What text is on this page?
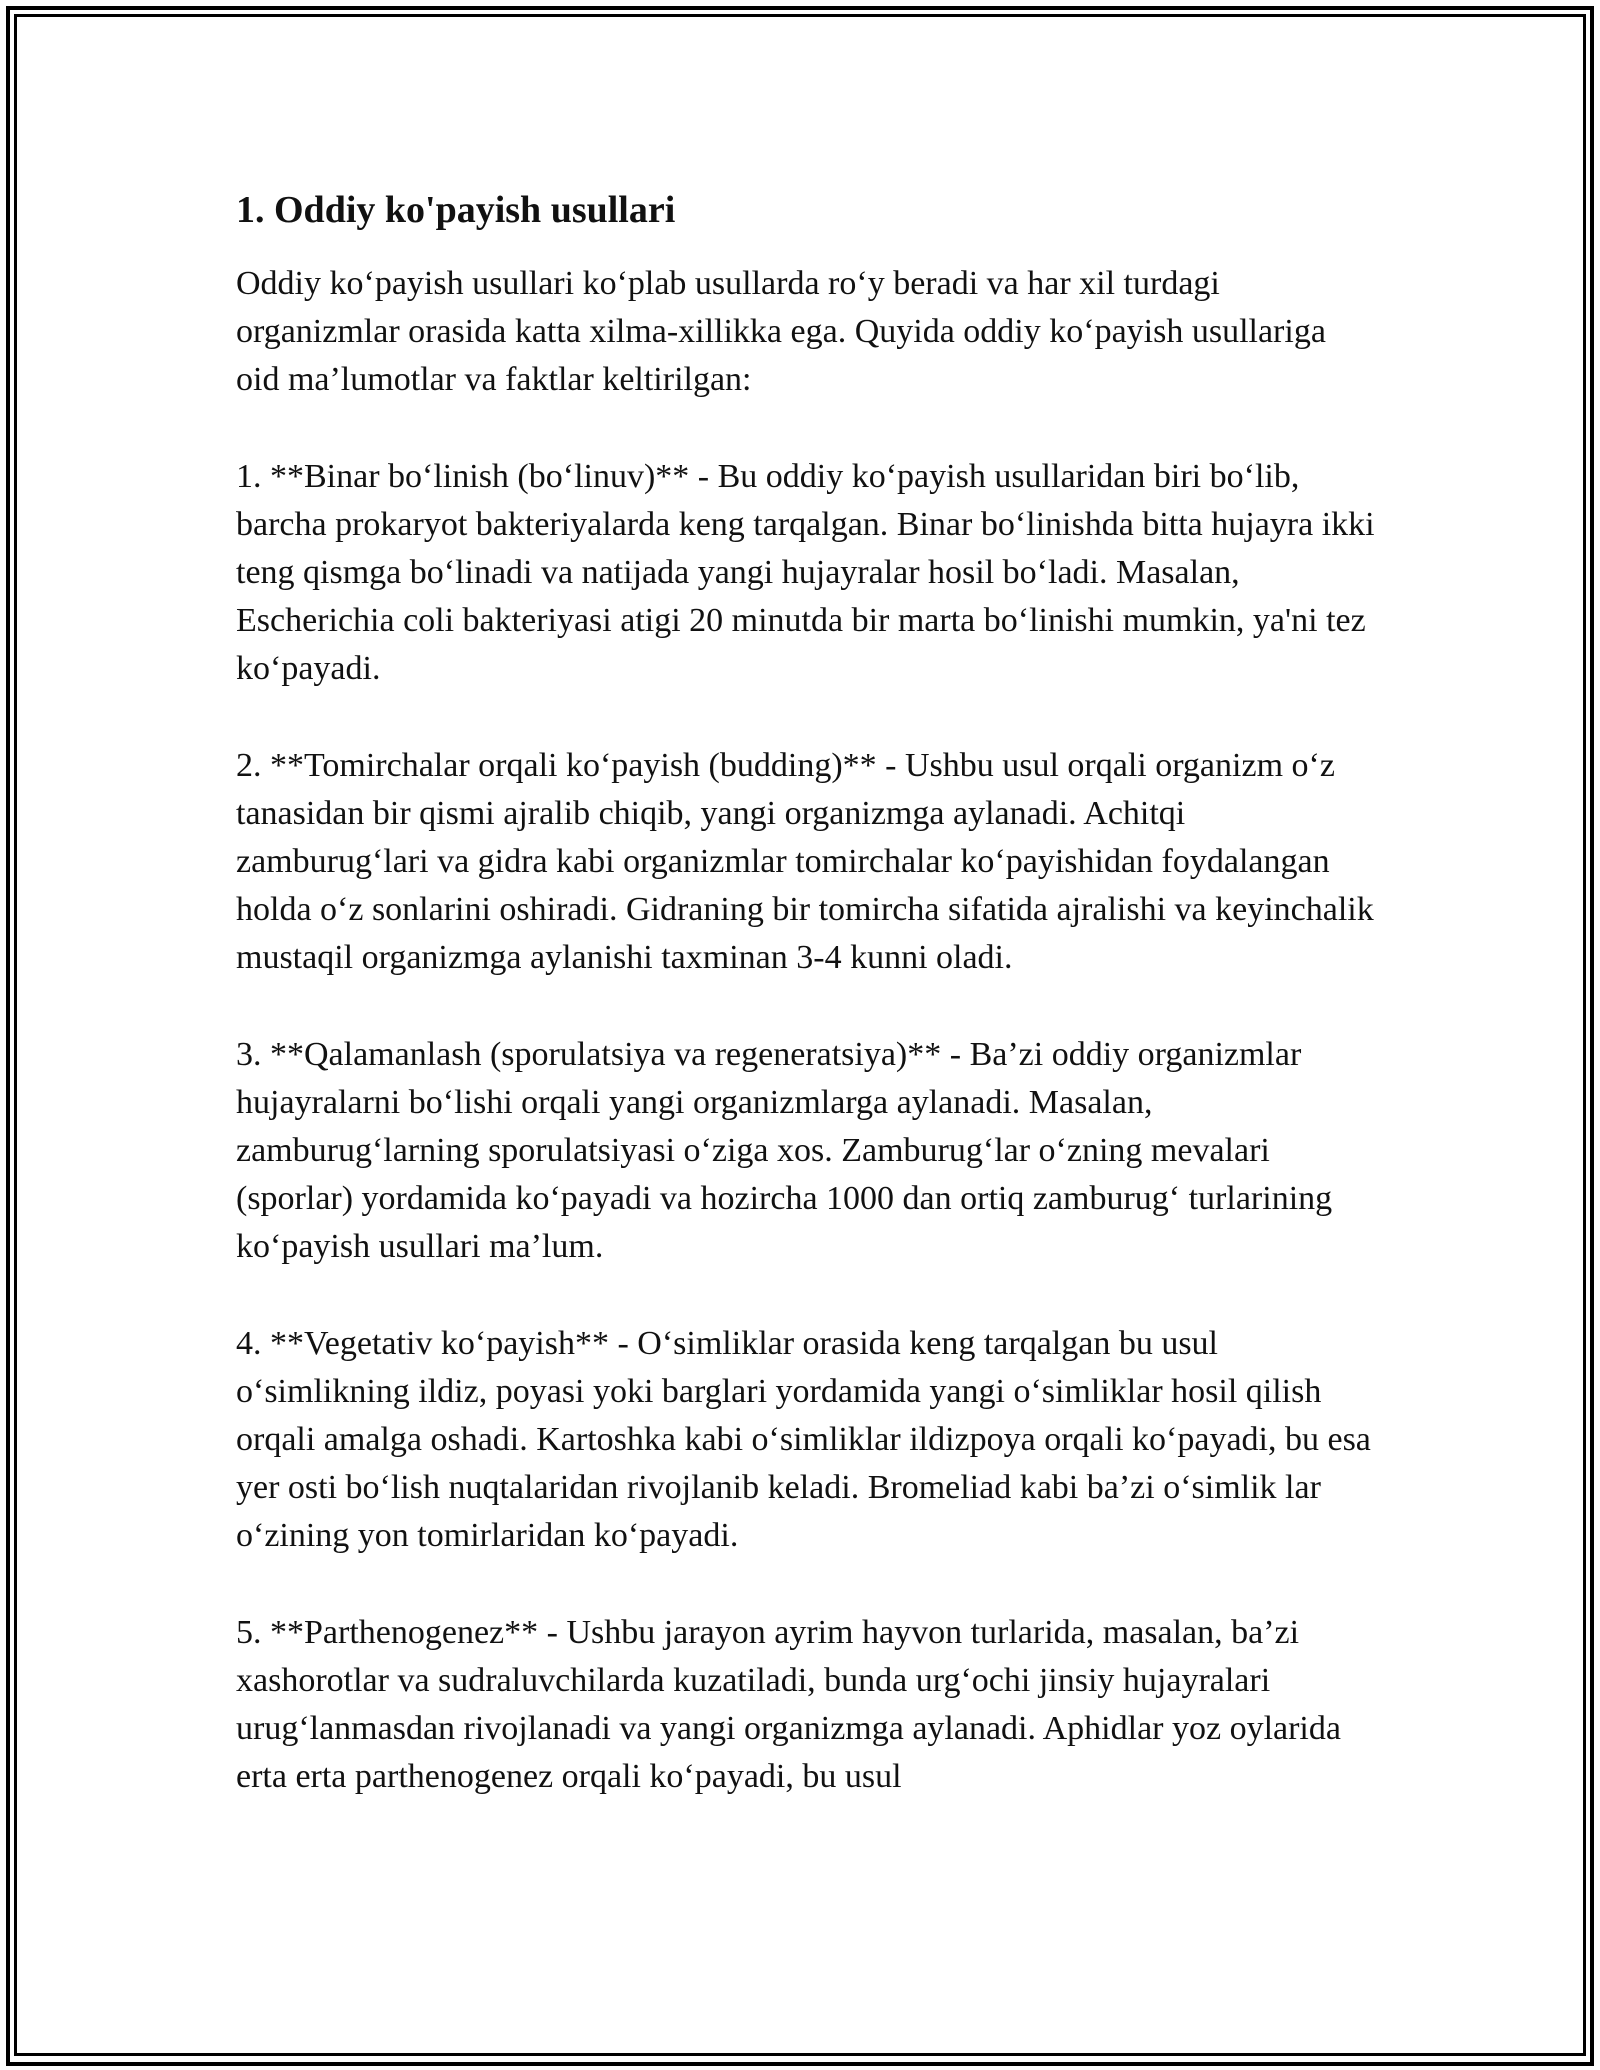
1. Oddiy ko'payish usullari

Oddiy ko‘payish usullari ko‘plab usullarda ro‘y beradi va har xil turdagi organizmlar orasida katta xilma-xillikka ega. Quyida oddiy ko‘payish usullariga oid ma’lumotlar va faktlar keltirilgan:

1. **Binar bo‘linish (bo‘linuv)** - Bu oddiy ko‘payish usullaridan biri bo‘lib, barcha prokaryot bakteriyalarda keng tarqalgan. Binar bo‘linishda bitta hujayra ikki teng qismga bo‘linadi va natijada yangi hujayralar hosil bo‘ladi. Masalan, Escherichia coli bakteriyasi atigi 20 minutda bir marta bo‘linishi mumkin, ya'ni tez ko‘payadi.

2. **Tomirchalar orqali ko‘payish (budding)** - Ushbu usul orqali organizm o‘z tanasidan bir qismi ajralib chiqib, yangi organizmga aylanadi. Achitqi zamburug‘lari va gidra kabi organizmlar tomirchalar ko‘payishidan foydalangan holda o‘z sonlarini oshiradi. Gidraning bir tomircha sifatida ajralishi va keyinchalik mustaqil organizmga aylanishi taxminan 3-4 kunni oladi.

3. **Qalamanlash (sporulatsiya va regeneratsiya)** - Ba’zi oddiy organizmlar hujayralarni bo‘lishi orqali yangi organizmlarga aylanadi. Masalan, zamburug‘larning sporulatsiyasi o‘ziga xos. Zamburug‘lar o‘zning mevalari (sporlar) yordamida ko‘payadi va hozircha 1000 dan ortiq zamburug‘ turlarining ko‘payish usullari ma’lum.

4. **Vegetativ ko‘payish** - O‘simliklar orasida keng tarqalgan bu usul o‘simlikning ildiz, poyasi yoki barglari yordamida yangi o‘simliklar hosil qilish orqali amalga oshadi. Kartoshka kabi o‘simliklar ildizpoya orqali ko‘payadi, bu esa yer osti bo‘lish nuqtalaridan rivojlanib keladi. Bromeliad kabi ba’zi o‘simlik lar o‘zining yon tomirlaridan ko‘payadi.

5. **Parthenogenez** - Ushbu jarayon ayrim hayvon turlarida, masalan, ba’zi xashorotlar va sudraluvchilarda kuzatiladi, bunda urg‘ochi jinsiy hujayralari urug‘lanmasdan rivojlanadi va yangi organizmga aylanadi. Aphidlar yoz oylarida erta erta parthenogenez orqali ko‘payadi, bu usul
